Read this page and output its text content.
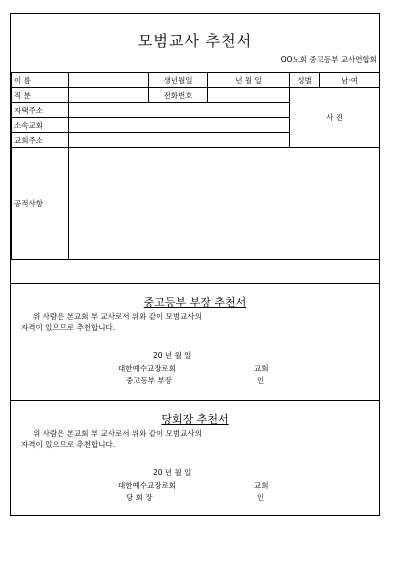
모범교사 추천서
OO노회 중고등부 교사연합회
이 름		생년월일	년 월 일	성별	남·여
직 분		전화번호		사 진	
자택주소					
소속교회					
교회주소					
공적사항					
중고등부 부장 추천서
위 사람은 본교회 부 교사로서 위와 같이 모범교사의
자격이 있으므로 추천합니다.
20 년 월 일
대한예수교장로회	교회
중고등부 부장	인
당회장 추천서
위 사람은 본교회 부 교사로서 위와 같이 모범교사의
자격이 있으므로 추천합니다.
20 년 월 일
대한예수교장로회	교회
당 회 장	인
